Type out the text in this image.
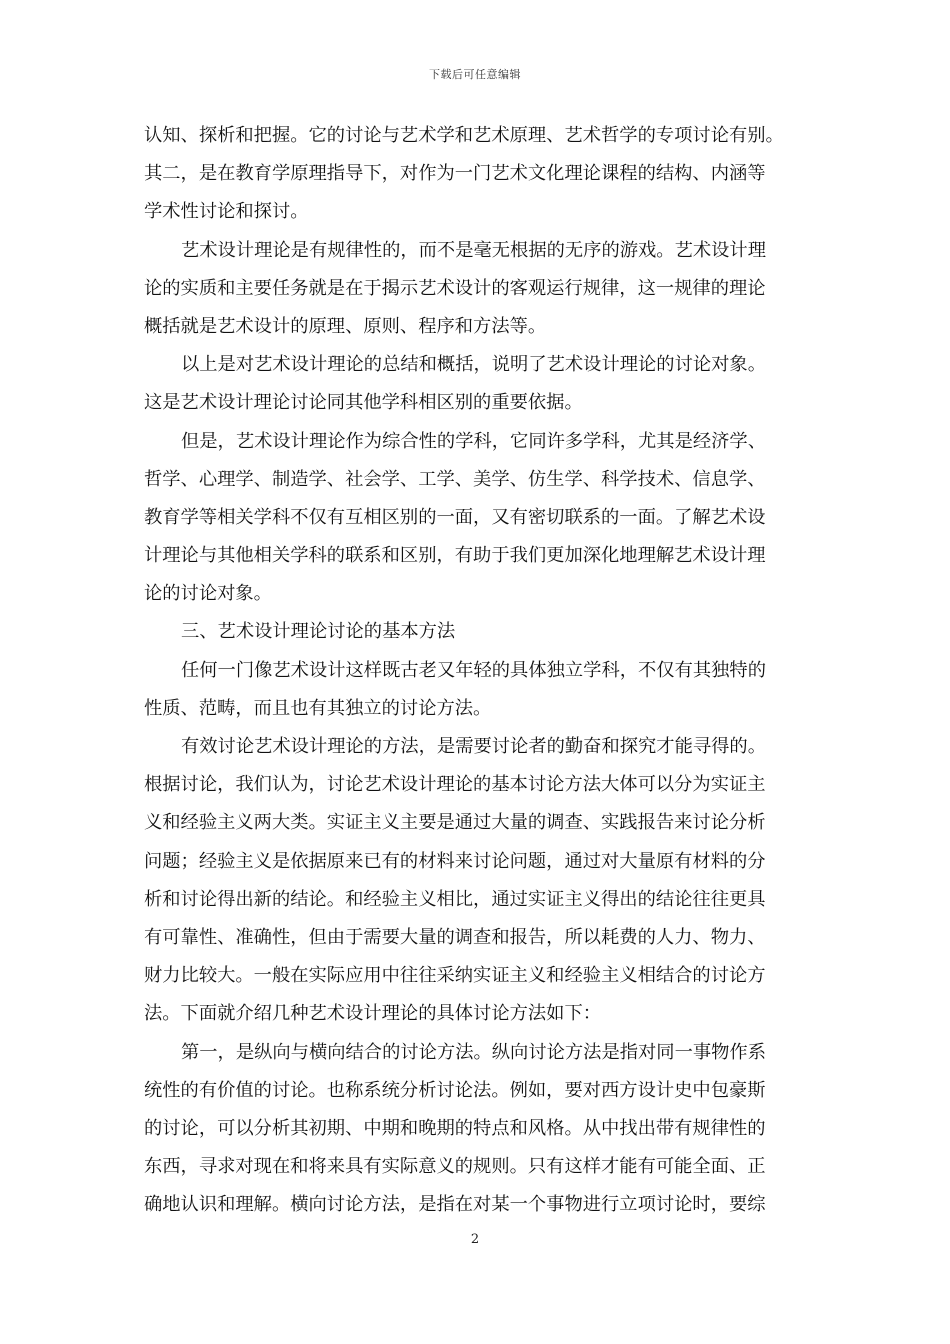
下载后可任意编辑
认知、探析和把握。它的讨论与艺术学和艺术原理、艺术哲学的专项讨论有别。
其二，是在教育学原理指导下，对作为一门艺术文化理论课程的结构、内涵等
学术性讨论和探讨。
艺术设计理论是有规律性的，而不是毫无根据的无序的游戏。艺术设计理
论的实质和主要任务就是在于揭示艺术设计的客观运行规律，这一规律的理论
概括就是艺术设计的原理、原则、程序和方法等。
以上是对艺术设计理论的总结和概括，说明了艺术设计理论的讨论对象。
这是艺术设计理论讨论同其他学科相区别的重要依据。
但是，艺术设计理论作为综合性的学科，它同许多学科，尤其是经济学、
哲学、心理学、制造学、社会学、工学、美学、仿生学、科学技术、信息学、
教育学等相关学科不仅有互相区别的一面，又有密切联系的一面。了解艺术设
计理论与其他相关学科的联系和区别，有助于我们更加深化地理解艺术设计理
论的讨论对象。
三、艺术设计理论讨论的基本方法
任何一门像艺术设计这样既古老又年轻的具体独立学科，不仅有其独特的
性质、范畴，而且也有其独立的讨论方法。
有效讨论艺术设计理论的方法，是需要讨论者的勤奋和探究才能寻得的。
根据讨论，我们认为，讨论艺术设计理论的基本讨论方法大体可以分为实证主
义和经验主义两大类。实证主义主要是通过大量的调查、实践报告来讨论分析
问题；经验主义是依据原来已有的材料来讨论问题，通过对大量原有材料的分
析和讨论得出新的结论。和经验主义相比，通过实证主义得出的结论往往更具
有可靠性、准确性，但由于需要大量的调查和报告，所以耗费的人力、物力、
财力比较大。一般在实际应用中往往采纳实证主义和经验主义相结合的讨论方
法。下面就介绍几种艺术设计理论的具体讨论方法如下：
第一，是纵向与横向结合的讨论方法。纵向讨论方法是指对同一事物作系
统性的有价值的讨论。也称系统分析讨论法。例如，要对西方设计史中包豪斯
的讨论，可以分析其初期、中期和晚期的特点和风格。从中找出带有规律性的
东西，寻求对现在和将来具有实际意义的规则。只有这样才能有可能全面、正
确地认识和理解。横向讨论方法，是指在对某一个事物进行立项讨论时，要综
2
